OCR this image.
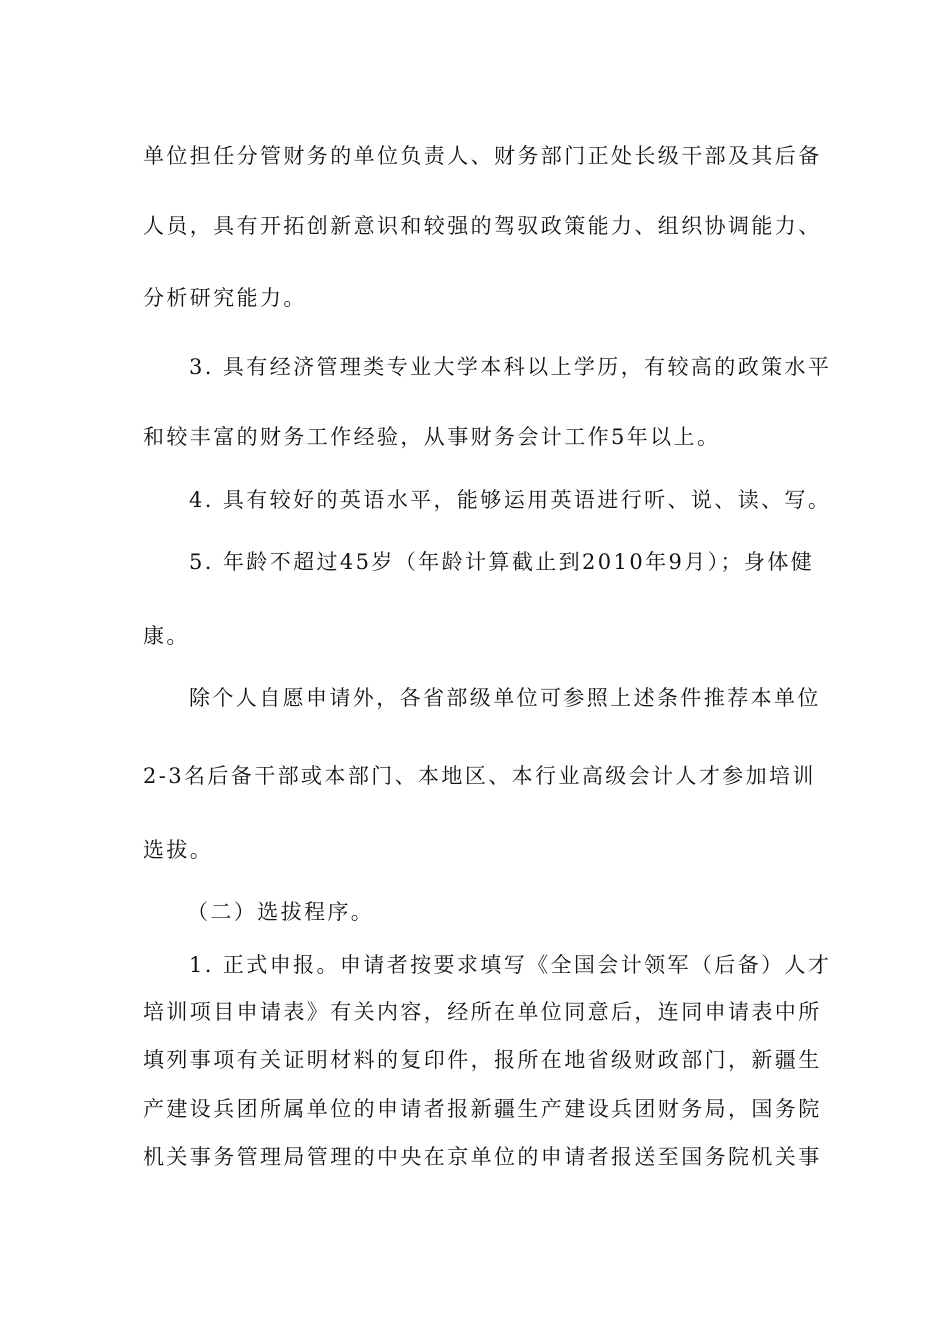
单位担任分管财务的单位负责人、财务部门正处长级干部及其后备
人员，具有开拓创新意识和较强的驾驭政策能力、组织协调能力、
分析研究能力。
3. 具有经济管理类专业大学本科以上学历，有较高的政策水平
和较丰富的财务工作经验，从事财务会计工作5年以上。
4. 具有较好的英语水平，能够运用英语进行听、说、读、写。
5. 年龄不超过45岁（年龄计算截止到2010年9月）；身体健
康。
除个人自愿申请外，各省部级单位可参照上述条件推荐本单位
2-3名后备干部或本部门、本地区、本行业高级会计人才参加培训
选拔。
（二）选拔程序。
1. 正式申报。申请者按要求填写《全国会计领军（后备）人才
培训项目申请表》有关内容，经所在单位同意后，连同申请表中所
填列事项有关证明材料的复印件，报所在地省级财政部门，新疆生
产建设兵团所属单位的申请者报新疆生产建设兵团财务局，国务院
机关事务管理局管理的中央在京单位的申请者报送至国务院机关事
